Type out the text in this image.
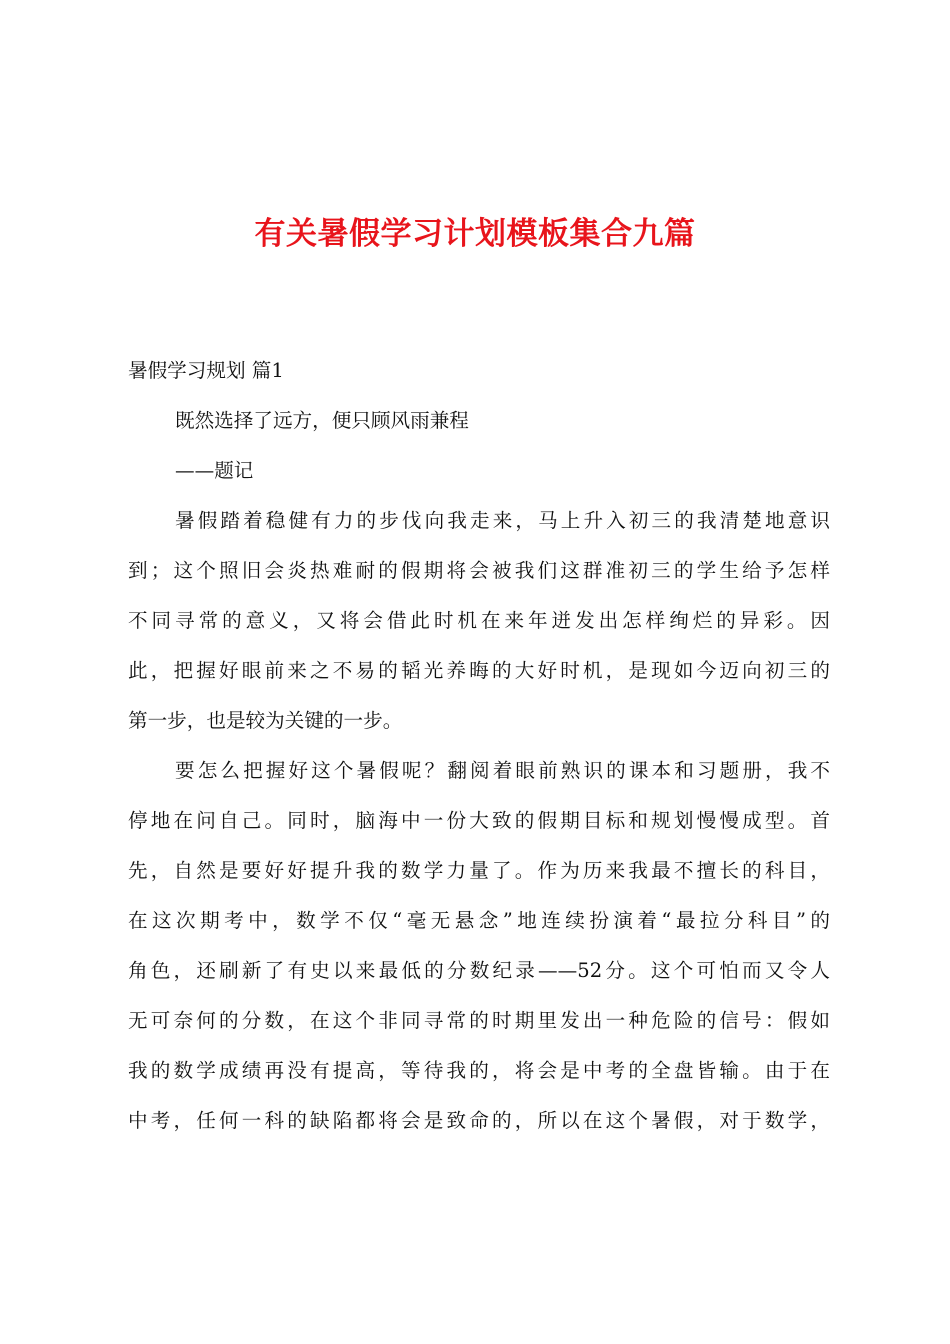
有关暑假学习计划模板集合九篇
暑假学习规划 篇1
既然选择了远方，便只顾风雨兼程
——题记
暑假踏着稳健有力的步伐向我走来，马上升入初三的我清楚地意识
到；这个照旧会炎热难耐的假期将会被我们这群准初三的学生给予怎样
不同寻常的意义，又将会借此时机在来年迸发出怎样绚烂的异彩。因
此，把握好眼前来之不易的韬光养晦的大好时机，是现如今迈向初三的
第一步，也是较为关键的一步。
要怎么把握好这个暑假呢？翻阅着眼前熟识的课本和习题册，我不
停地在问自己。同时，脑海中一份大致的假期目标和规划慢慢成型。首
先，自然是要好好提升我的数学力量了。作为历来我最不擅长的科目，
在这次期考中，数学不仅“毫无悬念”地连续扮演着“最拉分科目”的
角色，还刷新了有史以来最低的分数纪录——52分。这个可怕而又令人
无可奈何的分数，在这个非同寻常的时期里发出一种危险的信号：假如
我的数学成绩再没有提高，等待我的，将会是中考的全盘皆输。由于在
中考，任何一科的缺陷都将会是致命的，所以在这个暑假，对于数学，
